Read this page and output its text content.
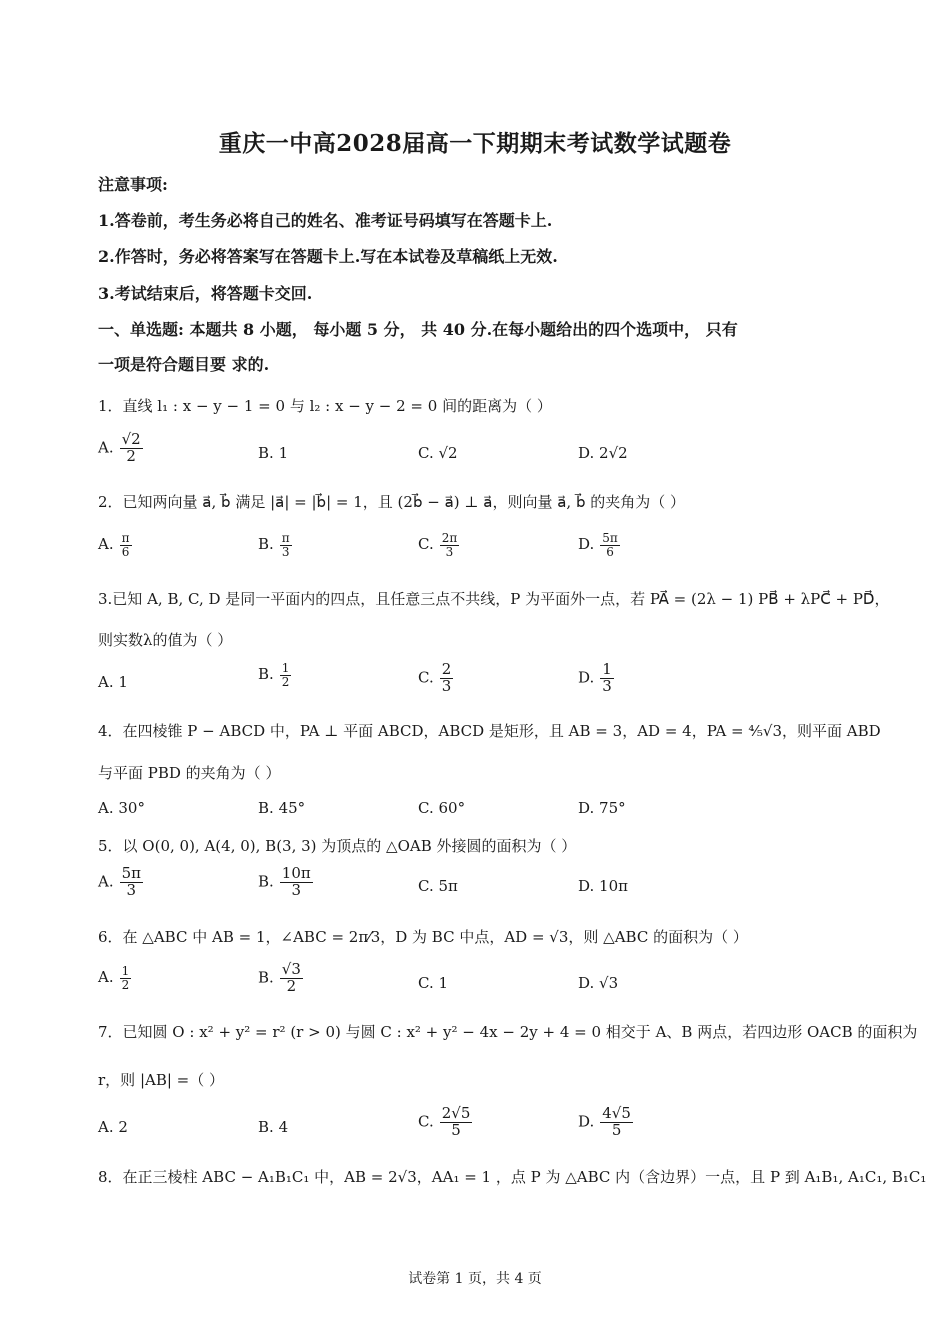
重庆一中高2028届高一下期期末考试数学试题卷
注意事项:
1.答卷前，考生务必将自己的姓名、准考证号码填写在答题卡上.
2.作答时，务必将答案写在答题卡上.写在本试卷及草稿纸上无效.
3.考试结束后，将答题卡交回.
一、单选题: 本题共 8 小题， 每小题 5 分， 共 40 分.在每小题给出的四个选项中， 只有
一项是符合题目要 求的.
1．直线 l₁ : x − y − 1 = 0 与 l₂ : x − y − 2 = 0 间的距离为（ ）
A. $\frac{√2}{2}$	B. 1	C. √2	D. 2√2
2．已知两向量 a⃗, b⃗ 满足 |a⃗| = |b⃗| = 1，且 (2b⃗ − a⃗) ⊥ a⃗，则向量 a⃗, b⃗ 的夹角为（ ）
A. $\frac{\pi}{6}$	B. $\frac{\pi}{3}$	C. $\frac{2\pi}{3}$	D. $\frac{5\pi}{6}$
3.已知 A, B, C, D 是同一平面内的四点，且任意三点不共线，P 为平面外一点，若 PA⃗ = (2λ − 1) PB⃗ + λPC⃗ + PD⃗，
则实数λ的值为（ ）
A. 1	B. $\frac{1}{2}$	C. $\frac{2}{3}$	D. $\frac{1}{3}$
4．在四棱锥 P − ABCD 中，PA ⊥ 平面 ABCD，ABCD 是矩形，且 AB = 3，AD = 4，PA = ⁴⁄₅√3，则平面 ABD
与平面 PBD 的夹角为（ ）
A. 30°	B. 45°	C. 60°	D. 75°
5．以 O(0, 0), A(4, 0), B(3, 3) 为顶点的 △OAB 外接圆的面积为（ ）
A. $\frac{5\pi}{3}$	B. $\frac{10\pi}{3}$	C. 5π	D. 10π
6．在 △ABC 中 AB = 1，∠ABC = 2π⁄3，D 为 BC 中点，AD = √3，则 △ABC 的面积为（ ）
A. $\frac{1}{2}$	B. $\frac{√3}{2}$	C. 1	D. √3
7．已知圆 O : x² + y² = r² (r > 0) 与圆 C : x² + y² − 4x − 2y + 4 = 0 相交于 A、B 两点，若四边形 OACB 的面积为
r，则 |AB| =（ ）
A. 2	B. 4	C. $\frac{2√5}{5}$	D. $\frac{4√5}{5}$
8．在正三棱柱 ABC − A₁B₁C₁ 中，AB = 2√3，AA₁ = 1 ，点 P 为 △ABC 内（含边界）一点，且 P 到 A₁B₁, A₁C₁, B₁C₁
试卷第 1 页，共 4 页
